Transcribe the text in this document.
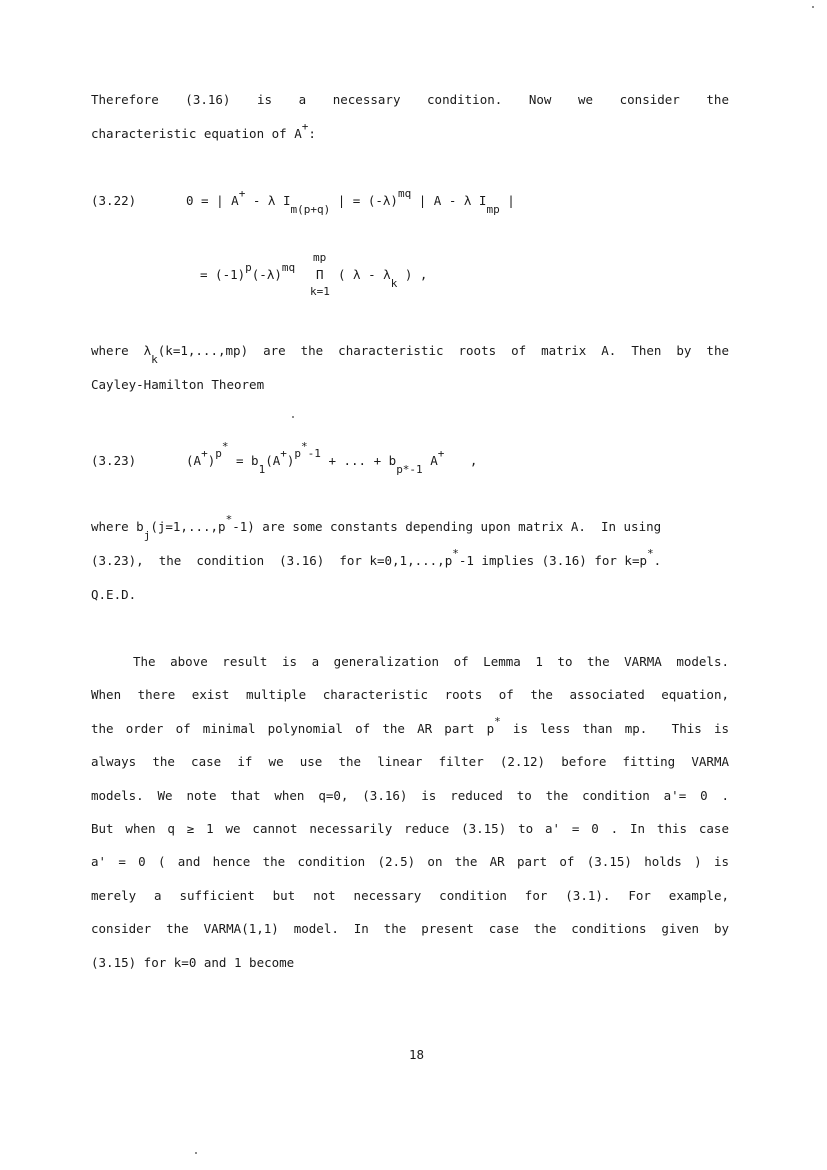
Therefore (3.16) is a necessary condition. Now we consider the
characteristic equation of A+:
(3.22)	0 = | A+ - λ Im(p+q) | = (-λ)mq | A - λ Imp |
= (-1)p(-λ)mq
mp
Π
k=1
( λ - λk ) ,
where λk(k=1,...,mp) are the characteristic roots of matrix A. Then by the
Cayley-Hamilton Theorem
(3.23)	(A+)p* = b1(A+)p*-1 + ... + bp*-1 A+ ,
where bj(j=1,...,p*-1) are some constants depending upon matrix A.  In using
(3.23),  the  condition  (3.16)  for k=0,1,...,p*-1 implies (3.16) for k=p*.
Q.E.D.
The above result is a generalization of Lemma 1 to the VARMA models.
When there exist multiple characteristic roots of the associated equation,
the order of minimal polynomial of the AR part p* is less than mp.  This is
always the case if we use the linear filter (2.12) before fitting VARMA
models. We note that when q=0, (3.16) is reduced to the condition a'= 0 .
But when q ≥ 1 we cannot necessarily reduce (3.15) to a' = 0 . In this case
a' = 0 ( and hence the condition (2.5) on the AR part of (3.15) holds ) is
merely a sufficient but not necessary condition for (3.1). For example,
consider the VARMA(1,1) model. In the present case the conditions given by
(3.15) for k=0 and 1 become
18
